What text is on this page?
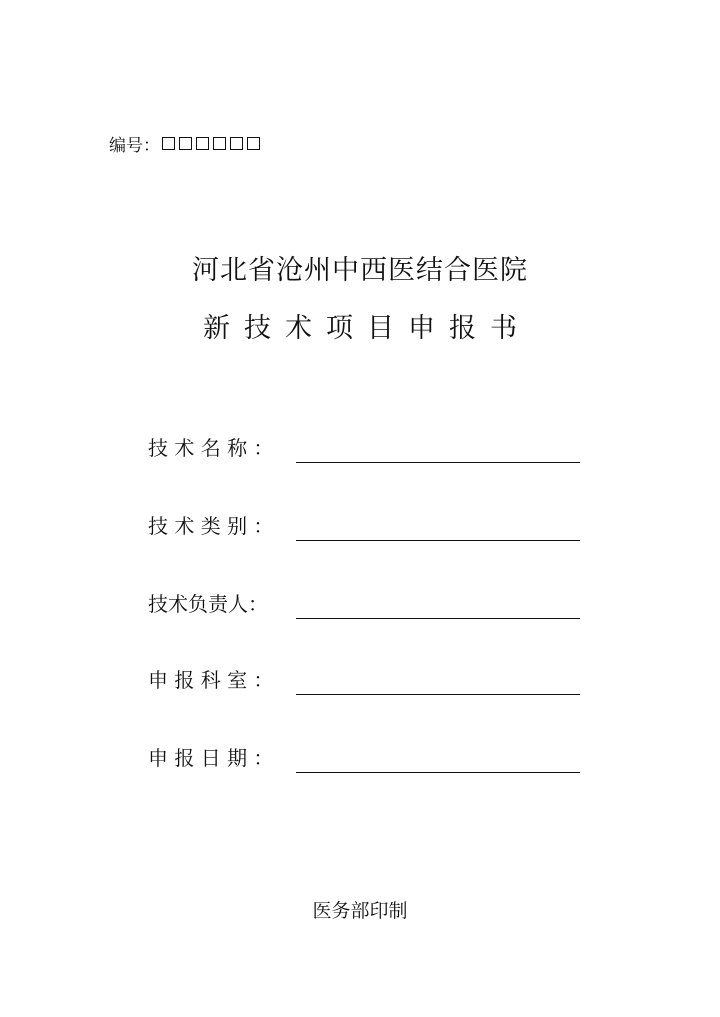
编号：
河北省沧州中西医结合医院
新技术项目申报书
技 术 名 称 ：
技 术 类 别 ：
技术负责人：
申 报 科 室 ：
申 报 日 期 ：
医务部印制
